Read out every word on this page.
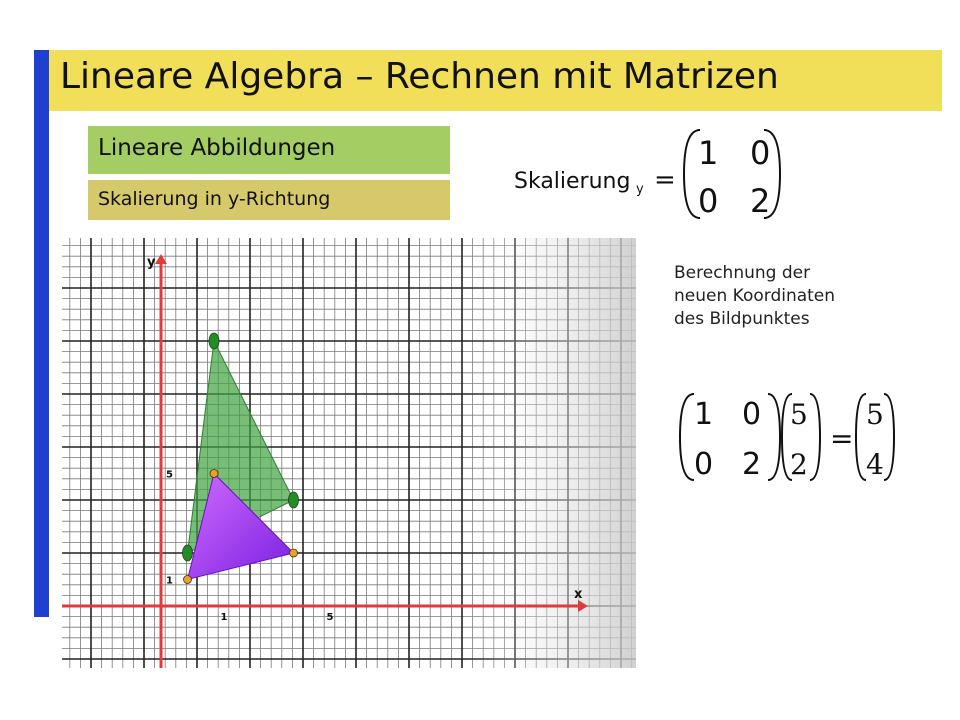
Lineare Algebra – Rechnen mit Matrizen
Lineare Abbildungen
Skalierung in y-Richtung
Skalierung y =
1 0
0 2
Berechnung der
neuen Koordinaten
des Bildpunktes
1 0
0 2
5
2
=
5
4
x
y
1	5
1
5
